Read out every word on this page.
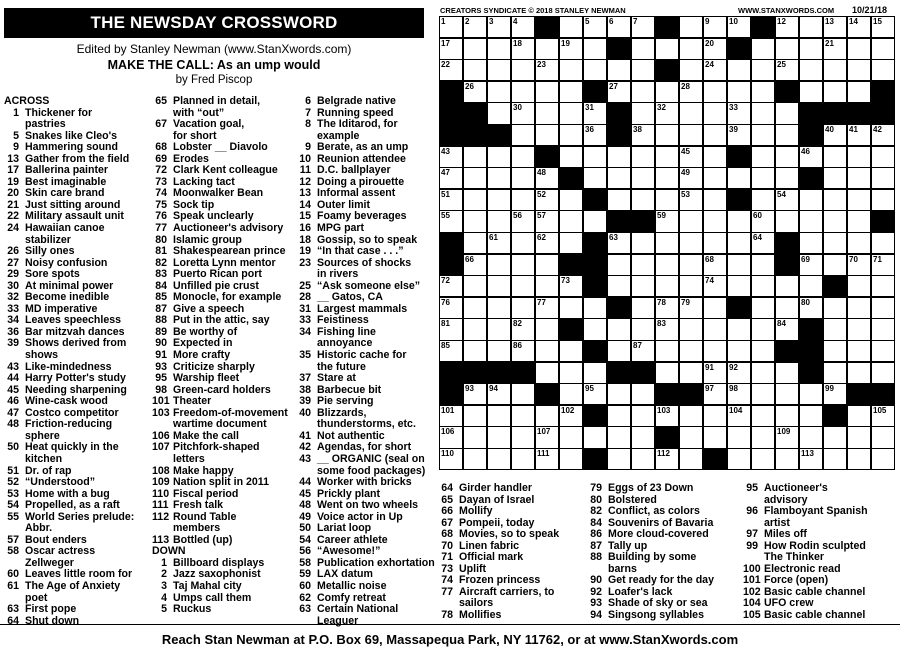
THE NEWSDAY CROSSWORD
Edited by Stanley Newman (www.StanXwords.com)
MAKE THE CALL: As an ump would
by Fred Piscop
ACROSS
1 Thickener for
pastries
5 Snakes like Cleo's
9 Hammering sound
13 Gather from the field
17 Ballerina painter
19 Best imaginable
20 Skin care brand
21 Just sitting around
22 Military assault unit
24 Hawaiian canoe
stabilizer
26 Silly ones
27 Noisy confusion
29 Sore spots
30 At minimal power
32 Become inedible
33 MD imperative
34 Leaves speechless
36 Bar mitzvah dances
39 Shows derived from
shows
43 Like-mindedness
44 Harry Potter's study
45 Needing sharpening
46 Wine-cask wood
47 Costco competitor
48 Friction-reducing
sphere
50 Heat quickly in the
kitchen
51 Dr. of rap
52 “Understood”
53 Home with a bug
54 Propelled, as a raft
55 World Series prelude:
Abbr.
57 Bout enders
58 Oscar actress
Zellweger
60 Leaves little room for
61 The Age of Anxiety
poet
63 First pope
64 Shut down
65 Planned in detail,
with “out”
67 Vacation goal,
for short
68 Lobster __ Diavolo
69 Erodes
72 Clark Kent colleague
73 Lacking tact
74 Moonwalker Bean
75 Sock tip
76 Speak unclearly
77 Auctioneer's advisory
80 Islamic group
81 Shakespearean prince
82 Loretta Lynn mentor
83 Puerto Rican port
84 Unfilled pie crust
85 Monocle, for example
87 Give a speech
88 Put in the attic, say
89 Be worthy of
90 Expected in
91 More crafty
93 Criticize sharply
95 Warship fleet
98 Green-card holders
101 Theater
103 Freedom-of-movement
wartime document
106 Make the call
107 Pitchfork-shaped
letters
108 Make happy
109 Nation split in 2011
110 Fiscal period
111 Fresh talk
112 Round Table
members
113 Bottled (up)
DOWN
1 Billboard displays
2 Jazz saxophonist
3 Taj Mahal city
4 Umps call them
5 Ruckus
6 Belgrade native
7 Running speed
8 The Iditarod, for
example
9 Berate, as an ump
10 Reunion attendee
11 D.C. ballplayer
12 Doing a pirouette
13 Informal assent
14 Outer limit
15 Foamy beverages
16 MPG part
18 Gossip, so to speak
19 “In that case . . .”
23 Sources of shocks
in rivers
25 “Ask someone else”
28 __ Gatos, CA
31 Largest mammals
33 Feistiness
34 Fishing line
annoyance
35 Historic cache for
the future
37 Stare at
38 Barbecue bit
39 Pie serving
40 Blizzards,
thunderstorms, etc.
41 Not authentic
42 Agendas, for short
43 __ ORGANIC (seal on
some food packages)
44 Worker with bricks
45 Prickly plant
48 Went on two wheels
49 Voice actor in Up
50 Lariat loop
54 Career athlete
56 “Awesome!”
58 Publication exhortation
59 LAX datum
60 Metallic noise
62 Comfy retreat
63 Certain National
Leaguer
64 Girder handler
65 Dayan of Israel
66 Mollify
67 Pompeii, today
68 Movies, so to speak
70 Linen fabric
71 Official mark
73 Uplift
74 Frozen princess
77 Aircraft carriers, to
sailors
78 Mollifies
79 Eggs of 23 Down
80 Bolstered
82 Conflict, as colors
84 Souvenirs of Bavaria
86 More cloud-covered
87 Tally up
88 Building by some
barns
90 Get ready for the day
92 Loafer's lack
93 Shade of sky or sea
94 Singsong syllables
95 Auctioneer's
advisory
96 Flamboyant Spanish
artist
97 Miles off
99 How Rodin sculpted
The Thinker
100 Electronic read
101 Force (open)
102 Basic cable channel
104 UFO crew
105 Basic cable channel
CREATORS SYNDICATE © 2018 STANLEY NEWMAN	WWW.STANXWORDS.COM 10/21/18
1 2 3 4	5 6 7	9 10	12	13 14 15
17	18	19	20	21
22	23	24	25
26	27	28
30	31	32	33
36	38	39	40 41 42
43	45	46
47	48	49
51	52	53	54
55	56 57	59	60
61	62	63	64
66	68	69	70 71
72	73	74
76	77	78 79	80
81	82	83	84
85	86	87
91 92
93 94	95	97 98	99
101	102	103	104	105
106	107	109
110	111	112	113
Reach Stan Newman at P.O. Box 69, Massapequa Park, NY 11762, or at www.StanXwords.com
